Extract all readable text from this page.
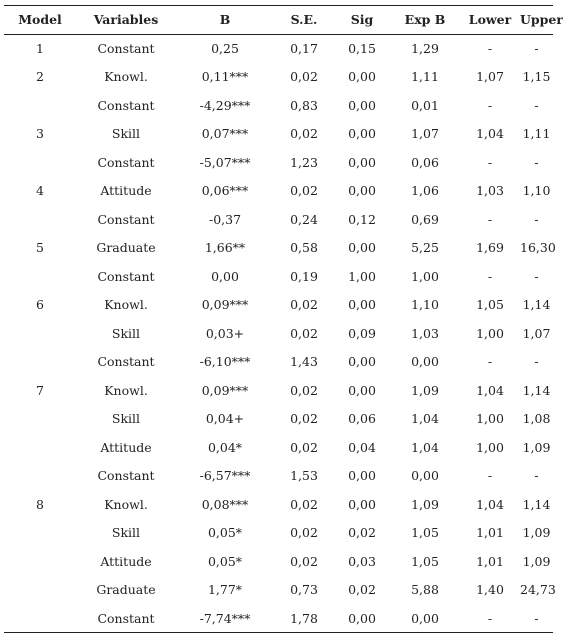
Model	Variables	B	S.E.	Sig	Exp B	Lower	Upper
1	Constant	0,25	0,17	0,15	1,29	-	-
2	Knowl.	0,11***	0,02	0,00	1,11	1,07	1,15
	Constant	-4,29***	0,83	0,00	0,01	-	-
3	Skill	0,07***	0,02	0,00	1,07	1,04	1,11
	Constant	-5,07***	1,23	0,00	0,06	-	-
4	Attitude	0,06***	0,02	0,00	1,06	1,03	1,10
	Constant	-0,37	0,24	0,12	0,69	-	-
5	Graduate	1,66**	0,58	0,00	5,25	1,69	16,30
	Constant	0,00	0,19	1,00	1,00	-	-
6	Knowl.	0,09***	0,02	0,00	1,10	1,05	1,14
	Skill	0,03+	0,02	0,09	1,03	1,00	1,07
	Constant	-6,10***	1,43	0,00	0,00	-	-
7	Knowl.	0,09***	0,02	0,00	1,09	1,04	1,14
	Skill	0,04+	0,02	0,06	1,04	1,00	1,08
	Attitude	0,04*	0,02	0,04	1,04	1,00	1,09
	Constant	-6,57***	1,53	0,00	0,00	-	-
8	Knowl.	0,08***	0,02	0,00	1,09	1,04	1,14
	Skill	0,05*	0,02	0,02	1,05	1,01	1,09
	Attitude	0,05*	0,02	0,03	1,05	1,01	1,09
	Graduate	1,77*	0,73	0,02	5,88	1,40	24,73
	Constant	-7,74***	1,78	0,00	0,00	-	-
